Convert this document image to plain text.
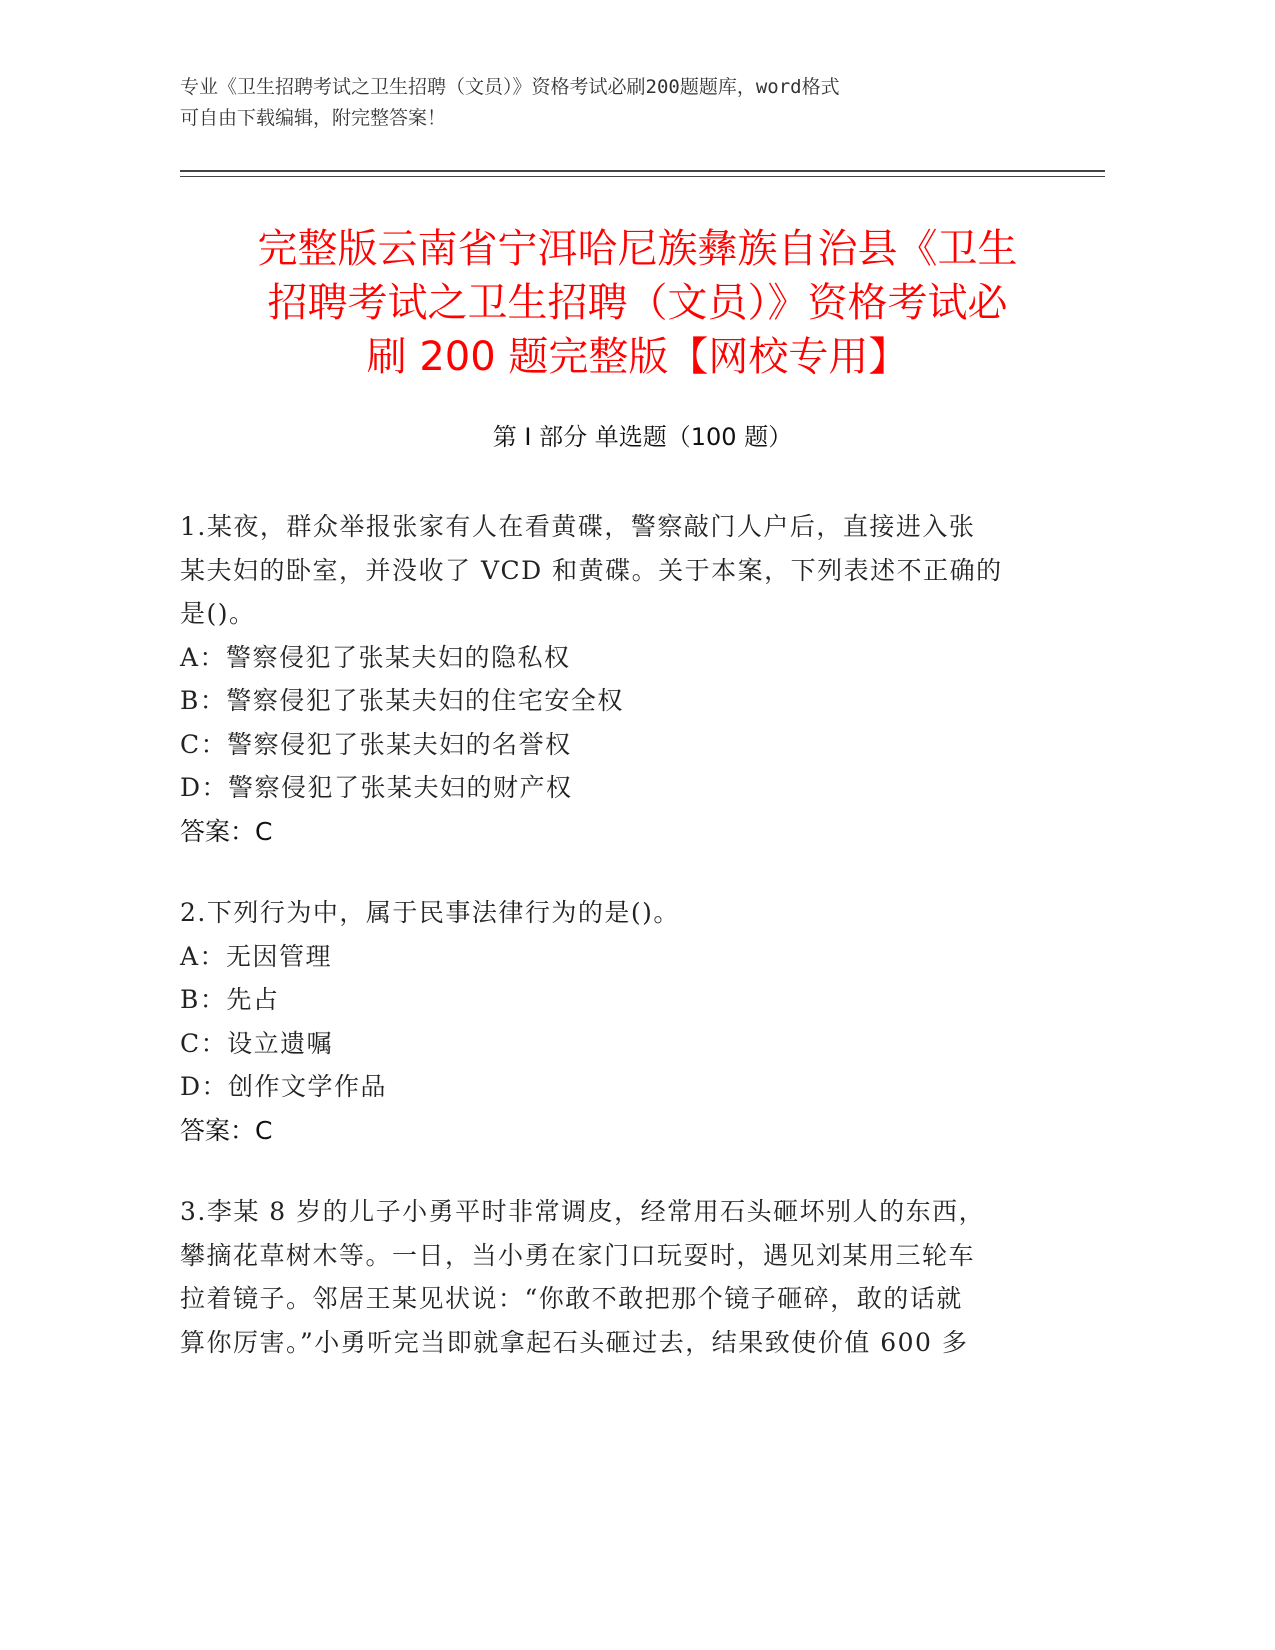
专业《卫生招聘考试之卫生招聘（文员）》资格考试必刷200题题库，word格式

可自由下载编辑，附完整答案！

完整版云南省宁洱哈尼族彝族自治县《卫生
招聘考试之卫生招聘（文员）》资格考试必
刷 200 题完整版【网校专用】
第 I 部分 单选题（100 题）

1.某夜，群众举报张家有人在看黄碟，警察敲门人户后，直接进入张

某夫妇的卧室，并没收了 VCD 和黄碟。关于本案，下列表述不正确的

是()。

A：警察侵犯了张某夫妇的隐私权

B：警察侵犯了张某夫妇的住宅安全权

C：警察侵犯了张某夫妇的名誉权

D：警察侵犯了张某夫妇的财产权

答案：C

2.下列行为中，属于民事法律行为的是()。

A：无因管理

B：先占

C：设立遗嘱

D：创作文学作品

答案：C

3.李某 8 岁的儿子小勇平时非常调皮，经常用石头砸坏别人的东西，

攀摘花草树木等。一日，当小勇在家门口玩耍时，遇见刘某用三轮车

拉着镜子。邻居王某见状说：“你敢不敢把那个镜子砸碎，敢的话就

算你厉害。”小勇听完当即就拿起石头砸过去，结果致使价值 600 多
